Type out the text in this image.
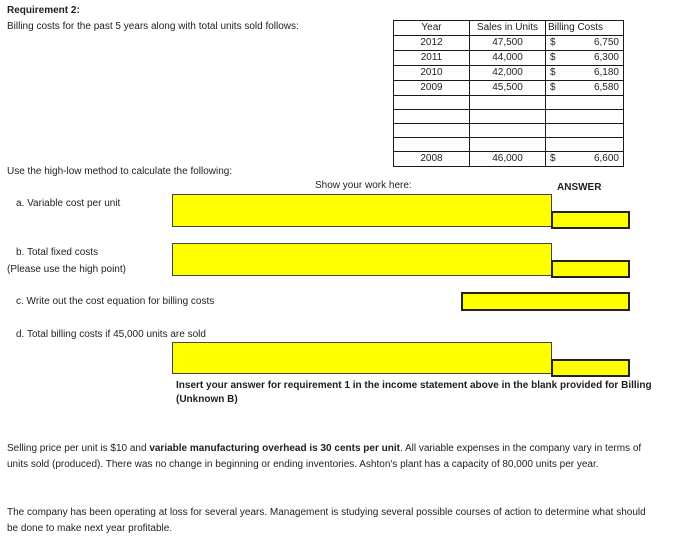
Requirement 2:
Billing costs for the past 5 years along with total units sold follows:	Year	Sales in Units	Billing Costs
2012	47,500	$ 6,750

2011	44,000	$ 6,300

2010	42,000	$ 6,180

2009	45,500	$ 6,580

2008	46,000	$ 6,600
Use the high-low method to calculate the following:
Show your work here:	ANSWER
a. Variable cost per unit
b. Total fixed costs
(Please use the high point)
c. Write out the cost equation for billing costs
d. Total billing costs if 45,000 units are sold
Insert your answer for requirement 1 in the income statement above in the blank provided for Billing (Unknown B)
Selling price per unit is $10 and variable manufacturing overhead is 30 cents per unit. All variable expenses in the company vary in terms of units sold (produced). There was no change in beginning or ending inventories. Ashton's plant has a capacity of 80,000 units per year.
The company has been operating at loss for several years. Management is studying several possible courses of action to determine what should be done to make next year profitable.
